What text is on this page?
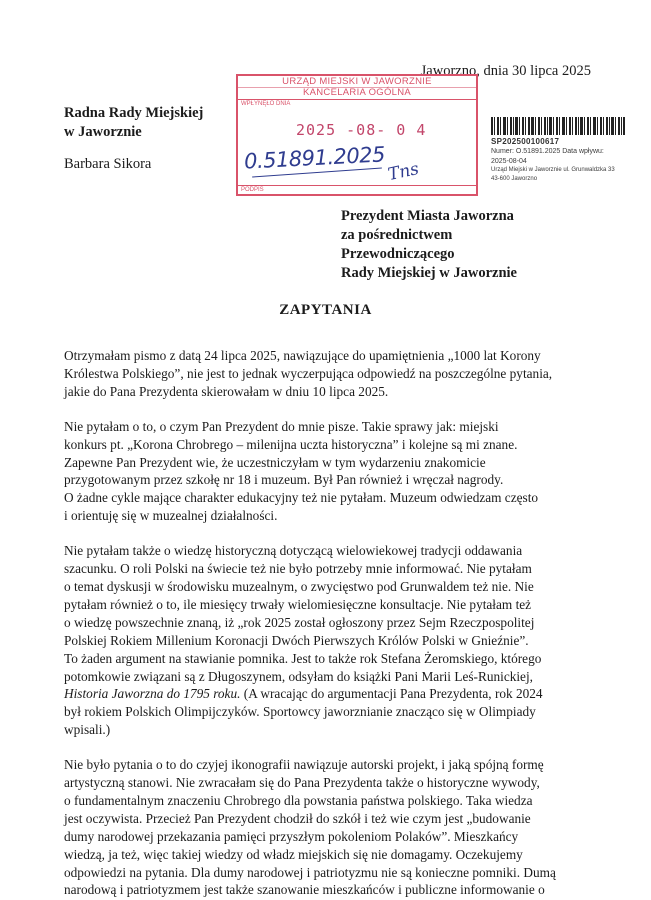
Jaworzno, dnia 30 lipca 2025
Radna Rady Miejskiej
w Jaworznie
Barbara Sikora
URZĄD MIEJSKI W JAWORZNIE
KANCELARIA OGÓLNA
WPŁYNĘŁO DNIA
2025 -08- 0 4
0.51891.2025 Tns
PODPIS
SP202500100617
Numer: O.51891.2025 Data wpływu:
2025-08-04
Urząd Miejski w Jaworznie ul. Grunwaldzka 33
43-600 Jaworzno
Prezydent Miasta Jaworzna
za pośrednictwem
Przewodniczącego
Rady Miejskiej w Jaworznie
ZAPYTANIA

Otrzymałam pismo z datą 24 lipca 2025, nawiązujące do upamiętnienia „1000 lat Korony
Królestwa Polskiego”, nie jest to jednak wyczerpująca odpowiedź na poszczególne pytania,
jakie do Pana Prezydenta skierowałam w dniu 10 lipca 2025.

Nie pytałam o to, o czym Pan Prezydent do mnie pisze. Takie sprawy jak: miejski
konkurs pt. „Korona Chrobrego – milenijna uczta historyczna” i kolejne są mi znane.
Zapewne Pan Prezydent wie, że uczestniczyłam w tym wydarzeniu znakomicie
przygotowanym przez szkołę nr 18 i muzeum. Był Pan również i wręczał nagrody.
O żadne cykle mające charakter edukacyjny też nie pytałam. Muzeum odwiedzam często
i orientuję się w muzealnej działalności.

Nie pytałam także o wiedzę historyczną dotyczącą wielowiekowej tradycji oddawania
szacunku. O roli Polski na świecie też nie było potrzeby mnie informować. Nie pytałam
o temat dyskusji w środowisku muzealnym, o zwycięstwo pod Grunwaldem też nie. Nie
pytałam również o to, ile miesięcy trwały wielomiesięczne konsultacje. Nie pytałam też
o wiedzę powszechnie znaną, iż „rok 2025 został ogłoszony przez Sejm Rzeczpospolitej
Polskiej Rokiem Millenium Koronacji Dwóch Pierwszych Królów Polski w Gnieźnie”.
To żaden argument na stawianie pomnika. Jest to także rok Stefana Żeromskiego, którego
potomkowie związani są z Długoszynem, odsyłam do książki Pani Marii Leś-Runickiej,
Historia Jaworzna do 1795 roku. (A wracając do argumentacji Pana Prezydenta, rok 2024
był rokiem Polskich Olimpijczyków. Sportowcy jaworznianie znacząco się w Olimpiady
wpisali.)

Nie było pytania o to do czyjej ikonografii nawiązuje autorski projekt, i jaką spójną formę
artystyczną stanowi. Nie zwracałam się do Pana Prezydenta także o historyczne wywody,
o fundamentalnym znaczeniu Chrobrego dla powstania państwa polskiego. Taka wiedza
jest oczywista. Przecież Pan Prezydent chodził do szkół i też wie czym jest „budowanie
dumy narodowej przekazania pamięci przyszłym pokoleniom Polaków”. Mieszkańcy
wiedzą, ja też, więc takiej wiedzy od władz miejskich się nie domagamy. Oczekujemy
odpowiedzi na pytania. Dla dumy narodowej i patriotyzmu nie są konieczne pomniki. Dumą
narodową i patriotyzmem jest także szanowanie mieszkańców i publiczne informowanie o
